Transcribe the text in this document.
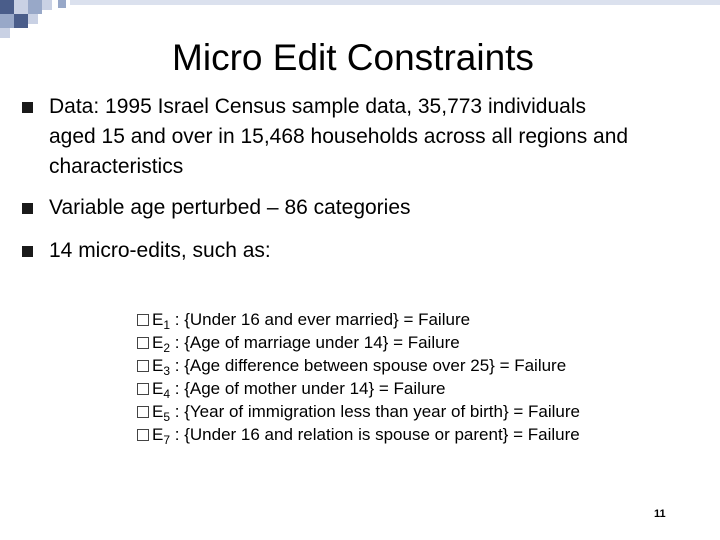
Micro Edit Constraints
Data: 1995 Israel Census sample data, 35,773 individuals
aged 15 and over in 15,468 households across all regions and
characteristics
Variable age perturbed – 86 categories
14 micro-edits, such as:
$E_1$ : {Under 16 and ever married} = Failure
$E_2$ : {Age of marriage under 14} = Failure
$E_3$ : {Age difference between spouse over 25} = Failure
$E_4$ : {Age of mother under 14} = Failure
$E_5$ : {Year of immigration less than year of birth} = Failure
$E_7$ : {Under 16 and relation is spouse or parent} = Failure
11
